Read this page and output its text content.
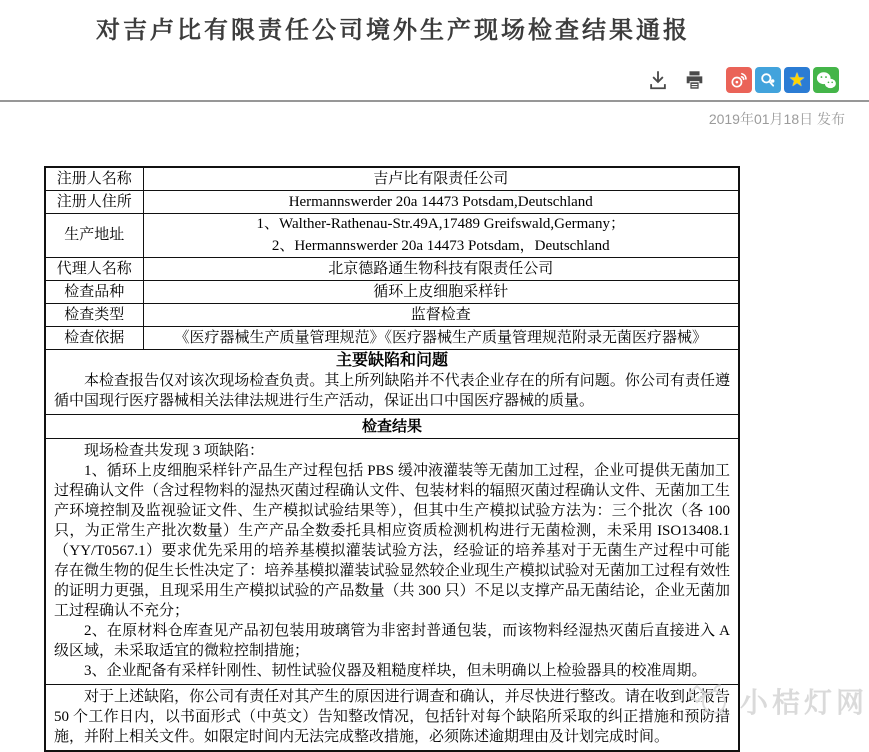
对吉卢比有限责任公司境外生产现场检查结果通报
★
2019年01月18日 发布
注册人名称	吉卢比有限责任公司
注册人住所	Hermannswerder 20a 14473 Potsdam,Deutschland
生产地址	1、Walther-Rathenau-Str.49A,17489 Greifswald,Germany；
2、Hermannswerder 20a 14473 Potsdam，Deutschland

代理人名称	北京德路通生物科技有限责任公司
检查品种	循环上皮细胞采样针
检查类型	监督检查
检查依据	《医疗器械生产质量管理规范》《医疗器械生产质量管理规范附录无菌医疗器械》

主要缺陷和问题

本检查报告仅对该次现场检查负责。其上所列缺陷并不代表企业存在的所有问题。你公司有责任遵循中国现行医疗器械相关法律法规进行生产活动，保证出口中国医疗器械的质量。	

检查结果	

现场检查共发现 3 项缺陷：

1、循环上皮细胞采样针产品生产过程包括 PBS 缓冲液灌装等无菌加工过程，企业可提供无菌加工过程确认文件（含过程物料的湿热灭菌过程确认文件、包装材料的辐照灭菌过程确认文件、无菌加工生产环境控制及监视验证文件、生产模拟试验结果等），但其中生产模拟试验方法为：三个批次（各 100 只，为正常生产批次数量）生产产品全数委托具相应资质检测机构进行无菌检测，未采用 ISO13408.1（YY/T0567.1）要求优先采用的培养基模拟灌装试验方法，经验证的培养基对于无菌生产过程中可能存在微生物的促生长性决定了：培养基模拟灌装试验显然较企业现生产模拟试验对无菌加工过程有效性的证明力更强，且现采用生产模拟试验的产品数量（共 300 只）不足以支撑产品无菌结论，企业无菌加工过程确认不充分；

2、在原材料仓库查见产品初包装用玻璃管为非密封普通包装，而该物料经湿热灭菌后直接进入 A 级区域，未采取适宜的微粒控制措施；

3、企业配备有采样针刚性、韧性试验仪器及粗糙度样块，但未明确以上检验器具的校准周期。	

对于上述缺陷，你公司有责任对其产生的原因进行调查和确认，并尽快进行整改。请在收到此报告 50 个工作日内，以书面形式（中英文）告知整改情况，包括针对每个缺陷所采取的纠正措施和预防措施，并附上相关文件。如限定时间内无法完成整改措施，必须陈述逾期理由及计划完成时间。	

小桔灯网
